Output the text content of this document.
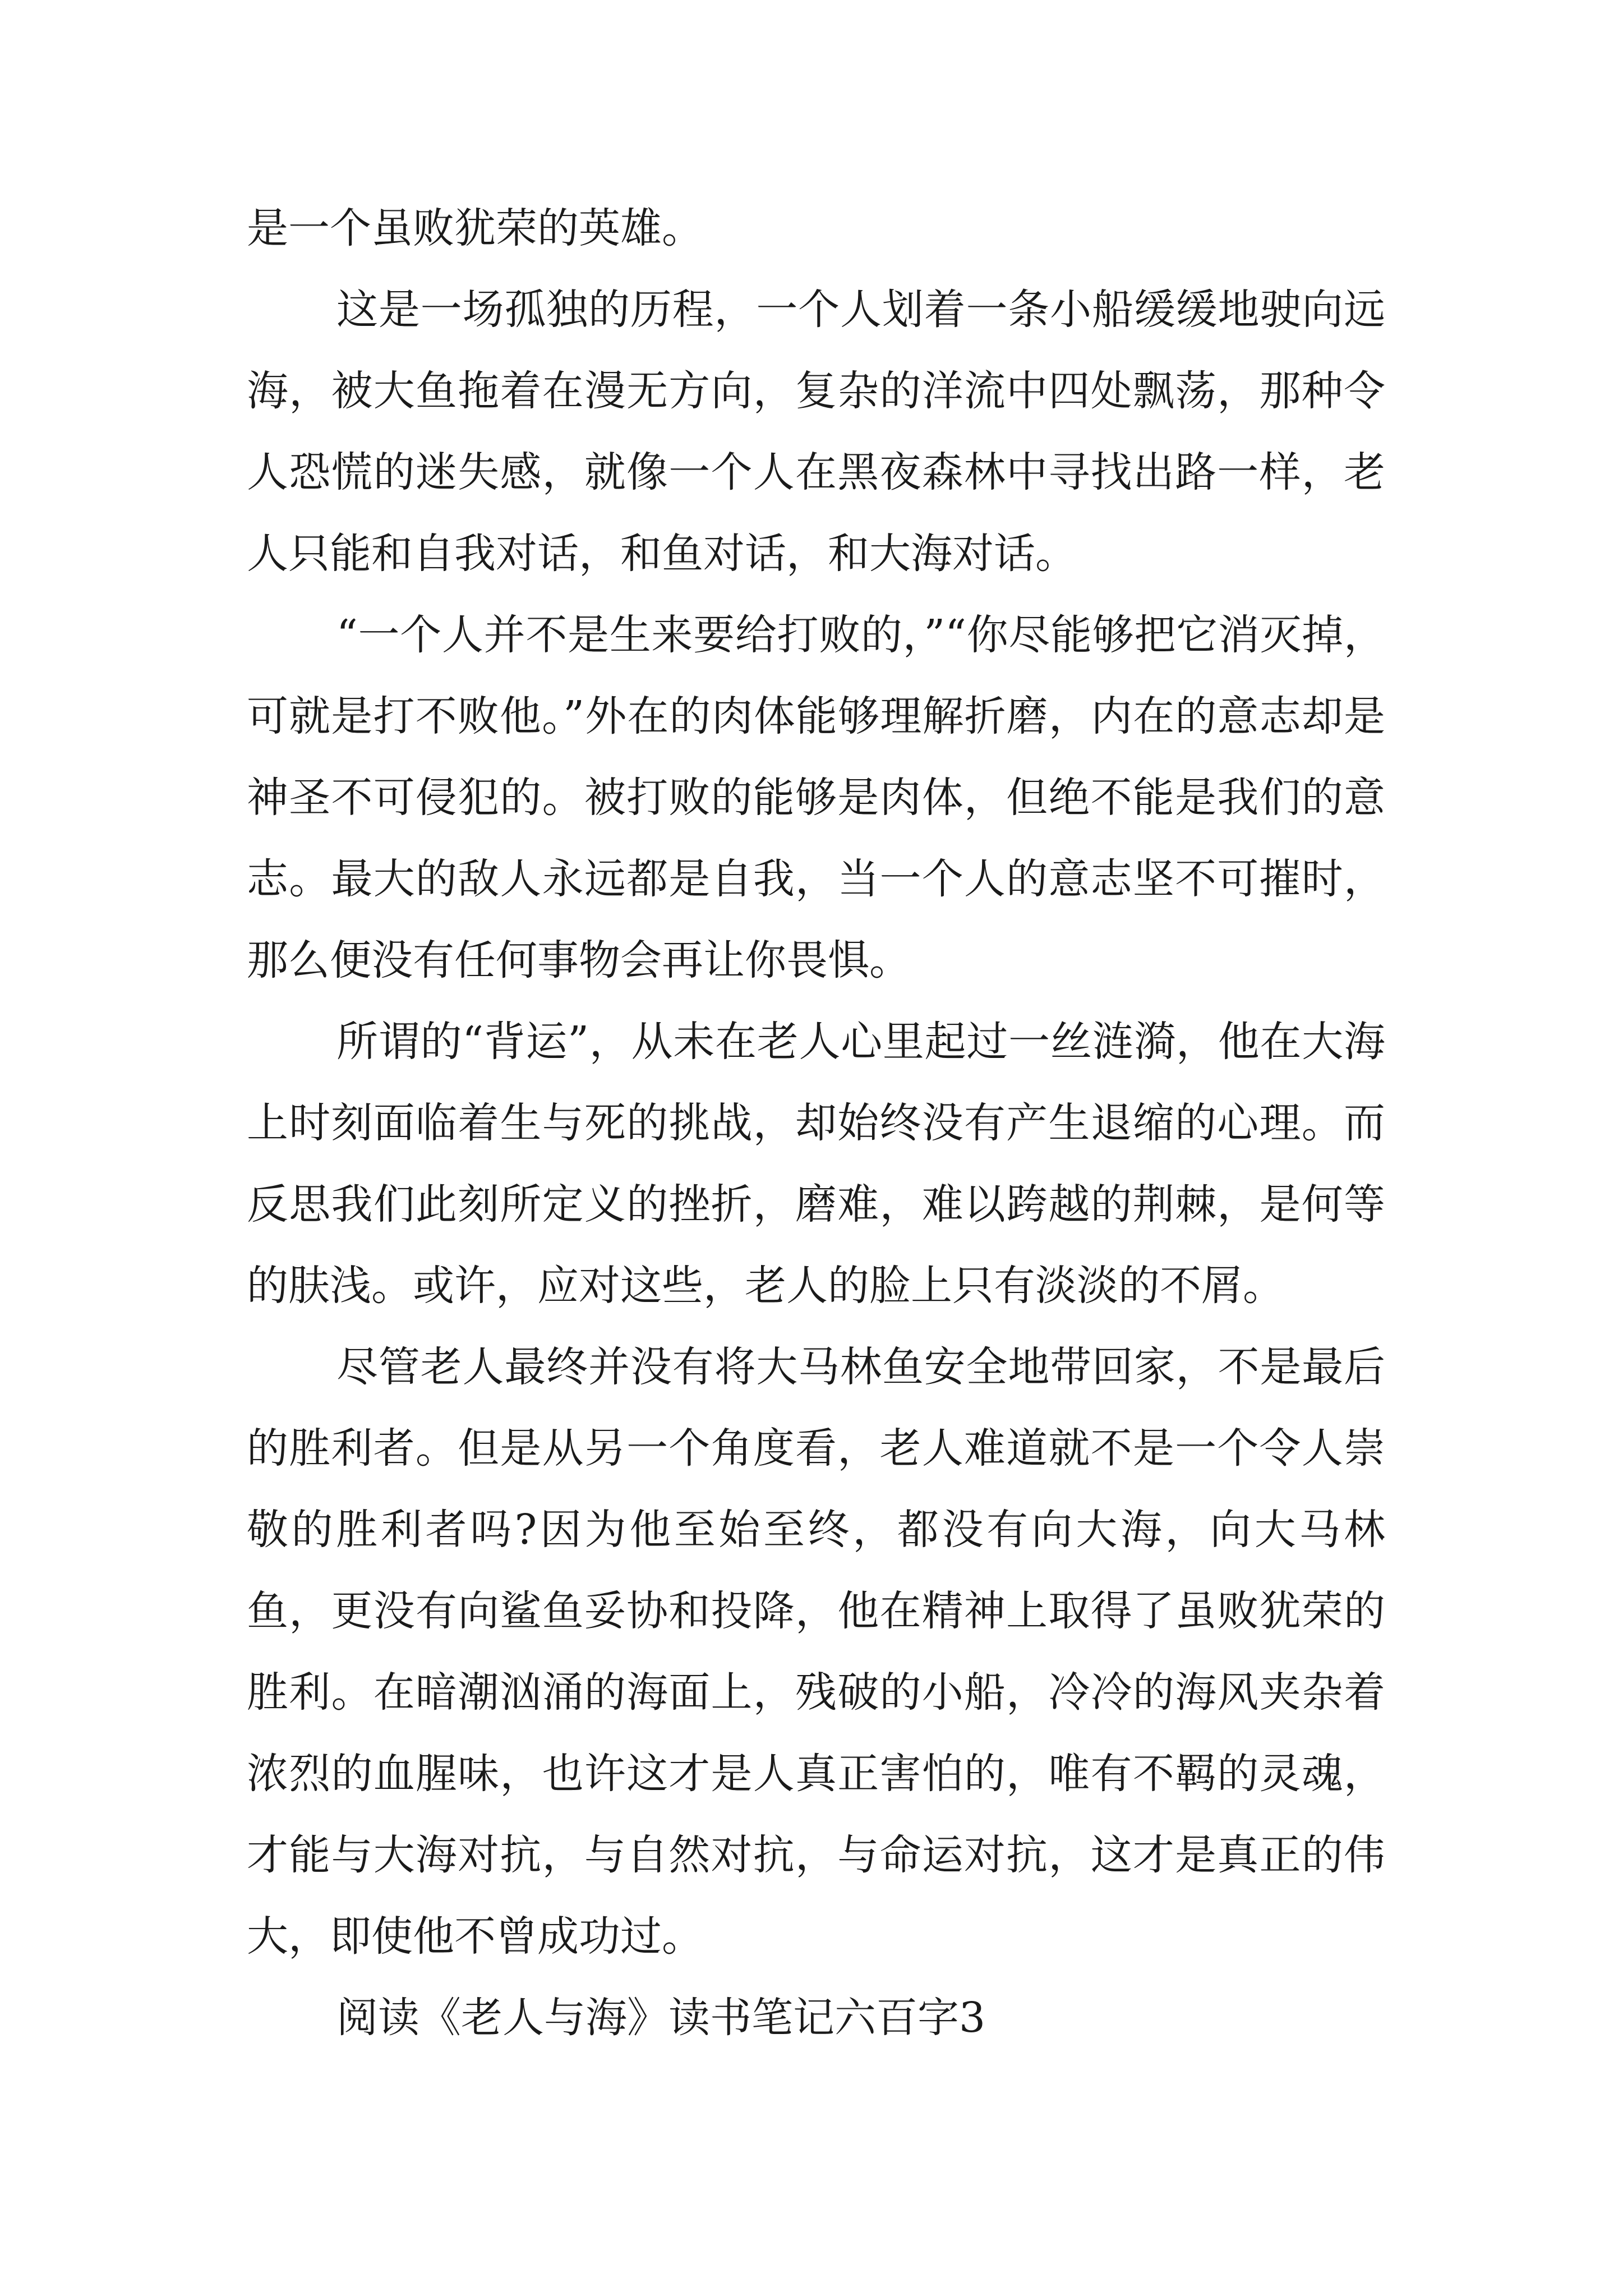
是一个虽败犹荣的英雄。

这是一场孤独的历程，一个人划着一条小船缓缓地驶向远海，被大鱼拖着在漫无方向，复杂的洋流中四处飘荡，那种令人恐慌的迷失感，就像一个人在黑夜森林中寻找出路一样，老人只能和自我对话，和鱼对话，和大海对话。

“一个人并不是生来要给打败的，”“你尽能够把它消灭掉，可就是打不败他。”外在的肉体能够理解折磨，内在的意志却是神圣不可侵犯的。被打败的能够是肉体，但绝不能是我们的意志。最大的敌人永远都是自我，当一个人的意志坚不可摧时，那么便没有任何事物会再让你畏惧。

所谓的“背运”，从未在老人心里起过一丝涟漪，他在大海上时刻面临着生与死的挑战，却始终没有产生退缩的心理。而反思我们此刻所定义的挫折，磨难，难以跨越的荆棘，是何等的肤浅。或许，应对这些，老人的脸上只有淡淡的不屑。

尽管老人最终并没有将大马林鱼安全地带回家，不是最后的胜利者。但是从另一个角度看，老人难道就不是一个令人崇敬的胜利者吗?因为他至始至终，都没有向大海，向大马林鱼，更没有向鲨鱼妥协和投降，他在精神上取得了虽败犹荣的胜利。在暗潮汹涌的海面上，残破的小船，冷冷的海风夹杂着浓烈的血腥味，也许这才是人真正害怕的，唯有不羁的灵魂，才能与大海对抗，与自然对抗，与命运对抗，这才是真正的伟大，即使他不曾成功过。

阅读《老人与海》读书笔记六百字3
